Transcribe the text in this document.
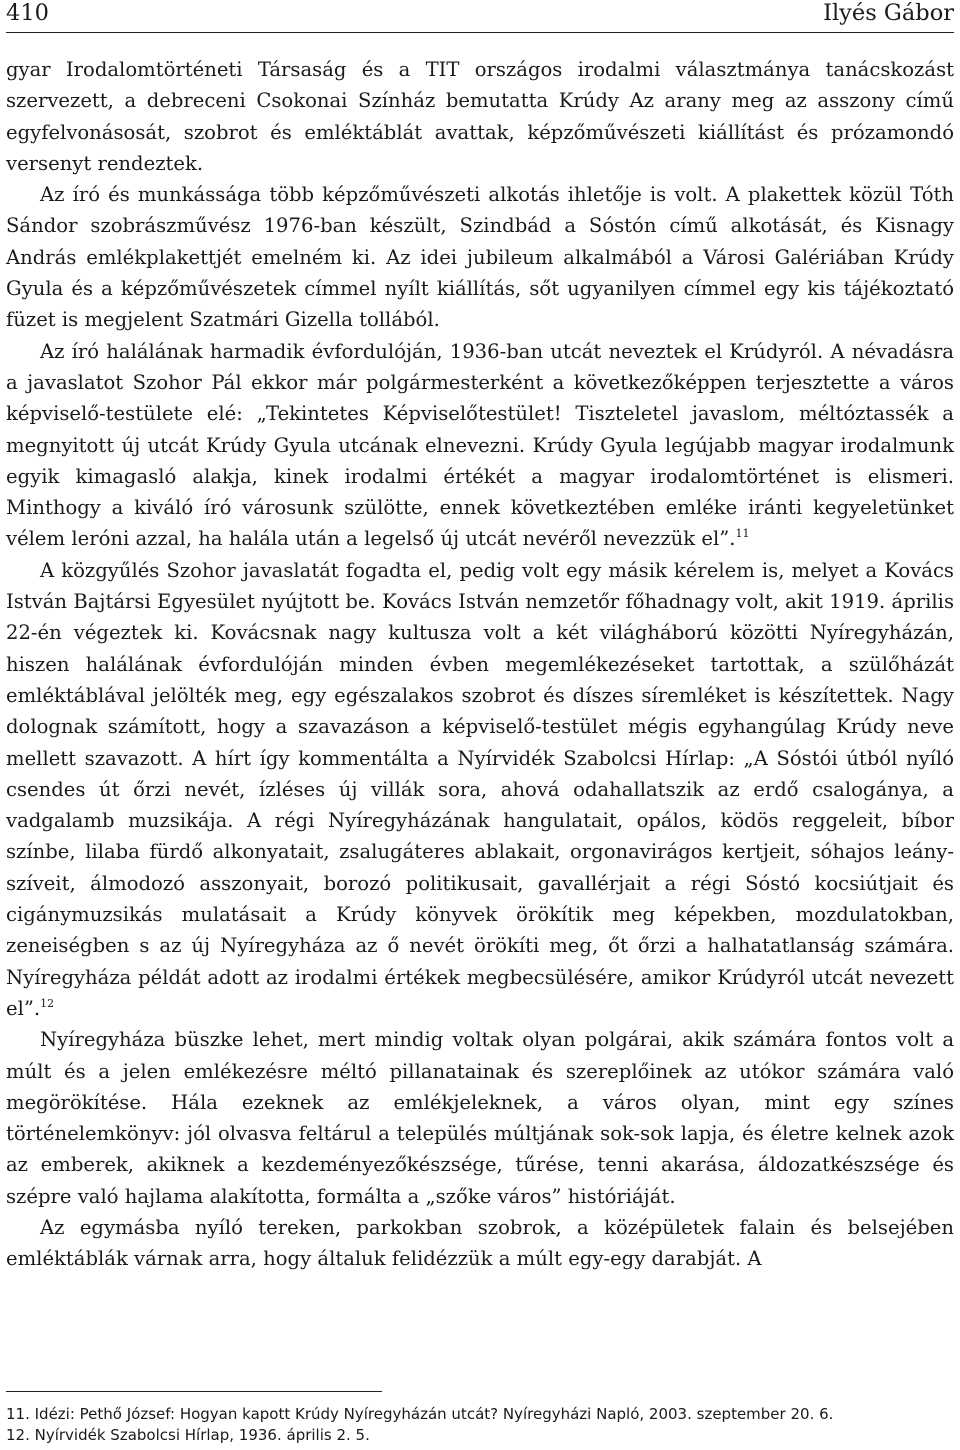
410	Ilyés Gábor

gyar Irodalomtörténeti Társaság és a TIT országos irodalmi választmánya tanácskozást szervezett, a debreceni Csokonai Színház bemutatta Krúdy Az arany meg az asszony című egyfelvonásosát, szobrot és emléktáblát avattak, képzőművészeti kiállítást és prózamondó versenyt rendeztek.

Az író és munkássága több képzőművészeti alkotás ihletője is volt. A plakettek közül Tóth Sándor szobrászművész 1976-ban készült, Szindbád a Sóstón című alkotását, és Kisnagy András emlékplakettjét emelném ki. Az idei jubileum alkalmából a Városi Galériában Krúdy Gyula és a képzőművészetek címmel nyílt kiállítás, sőt ugyanilyen címmel egy kis tájékoztató füzet is megjelent Szatmári Gizella tollából.

Az író halálának harmadik évfordulóján, 1936-ban utcát neveztek el Krúdyról. A névadásra a javaslatot Szohor Pál ekkor már polgármesterként a következőképpen terjesztette a város képviselő-testülete elé: „Tekintetes Képviselőtestület! Tiszteletel javaslom, méltóztassék a megnyitott új utcát Krúdy Gyula utcának elnevezni. Krúdy Gyula legújabb magyar irodalmunk egyik kimagasló alakja, kinek irodalmi értékét a magyar irodalomtörténet is elismeri. Minthogy a kiváló író városunk szülötte, ennek következtében emléke iránti kegyeletünket vélem leróni azzal, ha halála után a legelső új utcát nevéről nevezzük el”.$^{11}$

A közgyűlés Szohor javaslatát fogadta el, pedig volt egy másik kérelem is, melyet a Kovács István Bajtársi Egyesület nyújtott be. Kovács István nemzetőr főhadnagy volt, akit 1919. április 22-én végeztek ki. Kovácsnak nagy kultusza volt a két világháború közötti Nyíregyházán, hiszen halálának évfordulóján minden évben megemlékezéseket tartottak, a szülőházát emléktáblával jelölték meg, egy egészalakos szobrot és díszes síremléket is készítettek. Nagy dolognak számított, hogy a szavazáson a képviselő-testület mégis egyhangúlag Krúdy neve mellett szavazott. A hírt így kommentálta a Nyírvidék Szabolcsi Hírlap: „A Sóstói útból nyíló csendes út őrzi nevét, ízléses új villák sora, ahová odahallatszik az erdő csalogánya, a vadgalamb muzsikája. A régi Nyíregyházának hangulatait, opálos, ködös reggeleit, bíbor színbe, lilaba fürdő alkonyatait, zsalugáteres ablakait, orgonavirágos kertjeit, sóhajos leányszíveit, álmodozó asszonyait, borozó politikusait, gavallérjait a régi Sóstó kocsiútjait és cigánymuzsikás mulatásait a Krúdy könyvek örökítik meg képekben, mozdulatokban, zeneiségben s az új Nyíregyháza az ő nevét örökíti meg, őt őrzi a halhatatlanság számára. Nyíregyháza példát adott az irodalmi értékek megbecsülésére, amikor Krúdyról utcát nevezett el”.$^{12}$

Nyíregyháza büszke lehet, mert mindig voltak olyan polgárai, akik számára fontos volt a múlt és a jelen emlékezésre méltó pillanatainak és szereplőinek az utókor számára való megörökítése. Hála ezeknek az emlékjeleknek, a város olyan, mint egy színes történelemkönyv: jól olvasva feltárul a település múltjának sok-sok lapja, és életre kelnek azok az emberek, akiknek a kezdeményezőkészsége, tűrése, tenni akarása, áldozatkészsége és szépre való hajlama alakította, formálta a „szőke város” históriáját.

Az egymásba nyíló tereken, parkokban szobrok, a középületek falain és belsejében emléktáblák várnak arra, hogy általuk felidézzük a múlt egy-egy darabját. A

11. Idézi: Pethő József: Hogyan kapott Krúdy Nyíregyházán utcát? Nyíregyházi Napló, 2003. szeptember 20. 6.
12. Nyírvidék Szabolcsi Hírlap, 1936. április 2. 5.
